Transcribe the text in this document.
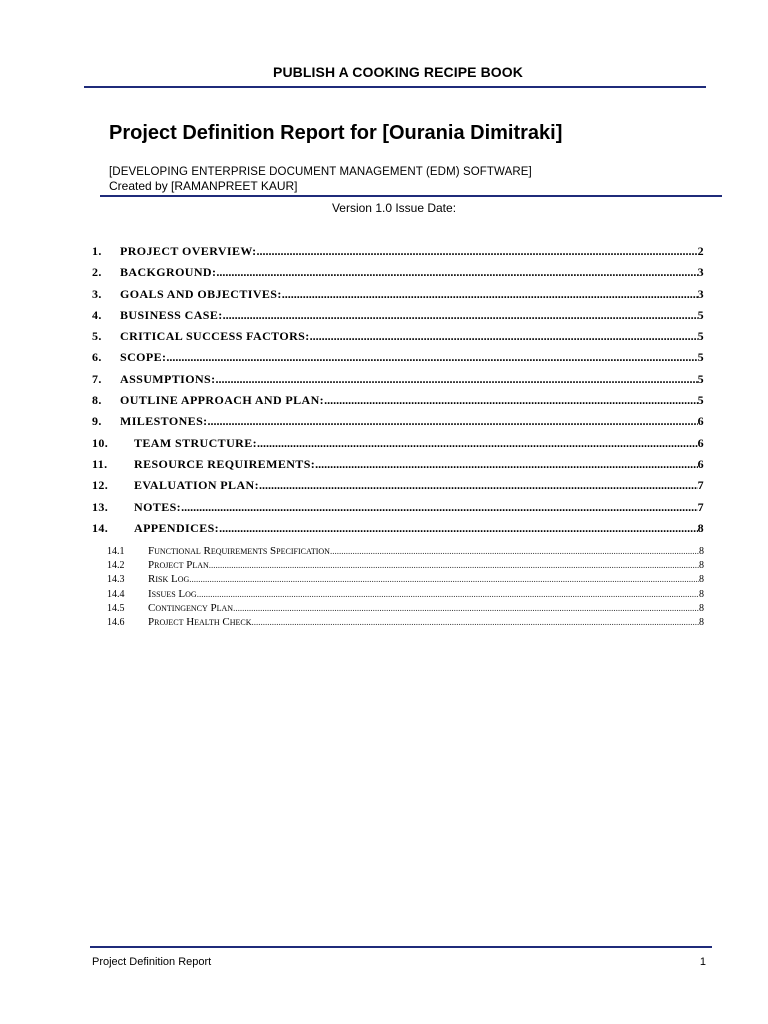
PUBLISH A COOKING RECIPE BOOK
Project Definition Report for [Ourania Dimitraki]
[DEVELOPING ENTERPRISE DOCUMENT MANAGEMENT (EDM) SOFTWARE]
Created by [RAMANPREET KAUR]
Version 1.0 Issue Date:
1.	PROJECT OVERVIEW: .....	2
2.	BACKGROUND: .....	3
3.	GOALS AND OBJECTIVES: .....	3
4.	BUSINESS CASE: .....	5
5.	CRITICAL SUCCESS FACTORS: .....	5
6.	SCOPE: .....	5
7.	ASSUMPTIONS: .....	5
8.	OUTLINE APPROACH AND PLAN: .....	5
9.	MILESTONES: .....	6
10.	TEAM STRUCTURE: .....	6
11.	RESOURCE REQUIREMENTS: .....	6
12.	EVALUATION PLAN: .....	7
13.	NOTES: .....	7
14.	APPENDICES: .....	8
14.1	Functional Requirements Specification .....	8
14.2	Project Plan .....	8
14.3	Risk Log .....	8
14.4	Issues Log .....	8
14.5	Contingency Plan .....	8
14.6	Project Health Check .....	8
Project Definition Report	1
